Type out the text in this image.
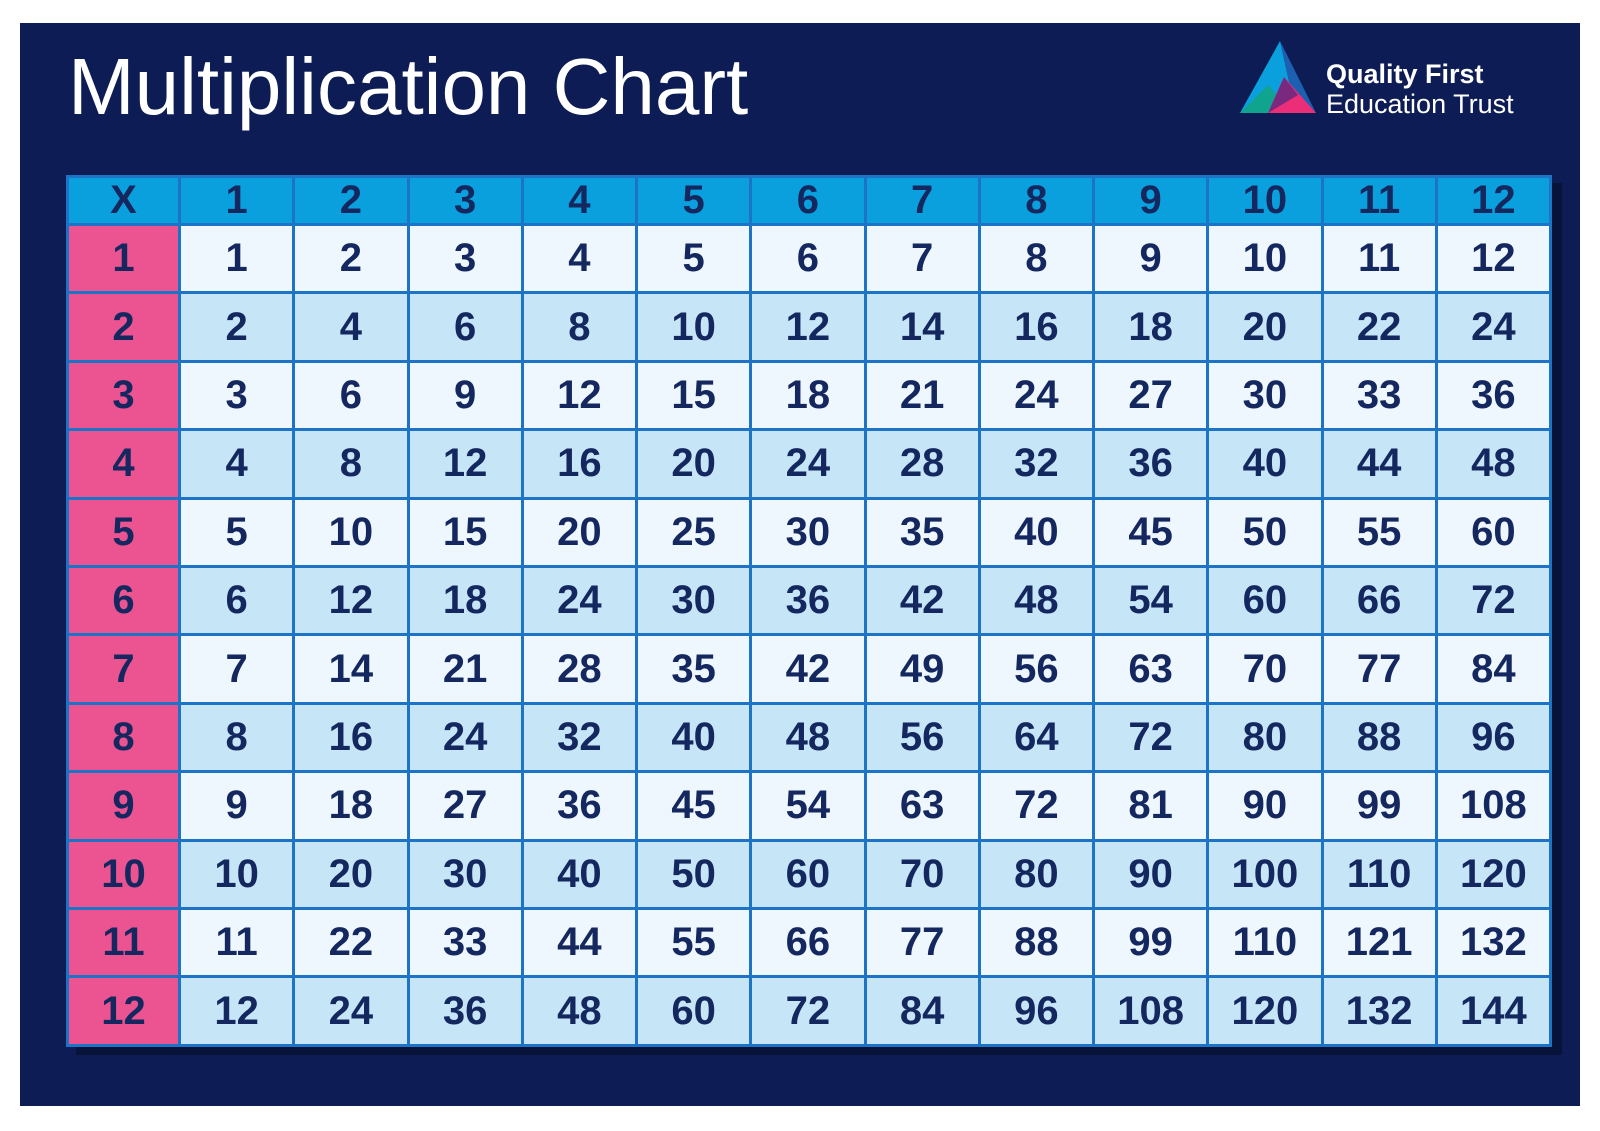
Multiplication Chart	Quality First
Education Trust
X	1	2	3	4	5	6	7	8	9	10	11	12
1	1	2	3	4	5	6	7	8	9	10	11	12
2	2	4	6	8	10	12	14	16	18	20	22	24
3	3	6	9	12	15	18	21	24	27	30	33	36
4	4	8	12	16	20	24	28	32	36	40	44	48
5	5	10	15	20	25	30	35	40	45	50	55	60
6	6	12	18	24	30	36	42	48	54	60	66	72
7	7	14	21	28	35	42	49	56	63	70	77	84
8	8	16	24	32	40	48	56	64	72	80	88	96
9	9	18	27	36	45	54	63	72	81	90	99	108
10	10	20	30	40	50	60	70	80	90	100	110	120
11	11	22	33	44	55	66	77	88	99	110	121	132
12	12	24	36	48	60	72	84	96	108	120	132	144
